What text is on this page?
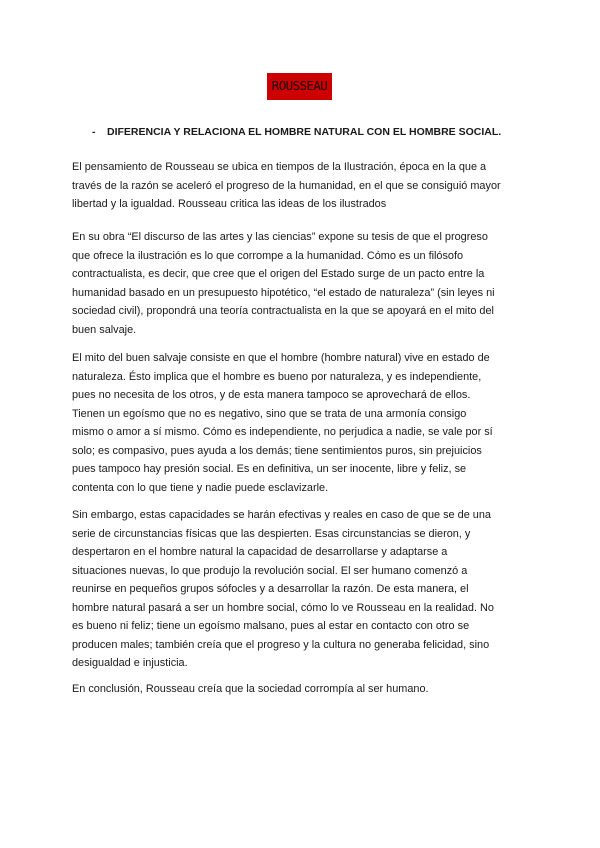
ROUSSEAU
- DIFERENCIA Y RELACIONA EL HOMBRE NATURAL CON EL HOMBRE SOCIAL.
El pensamiento de Rousseau se ubica en tiempos de la Ilustración, época en la que a
través de la razón se aceleró el progreso de la humanidad, en el que se consiguió mayor
libertad y la igualdad. Rousseau critica las ideas de los ilustrados
En su obra “El discurso de las artes y las ciencias” expone su tesis de que el progreso
que ofrece la ilustración es lo que corrompe a la humanidad. Cómo es un filósofo
contractualista, es decir, que cree que el origen del Estado surge de un pacto entre la
humanidad basado en un presupuesto hipotético, “el estado de naturaleza” (sin leyes ni
sociedad civil), propondrá una teoría contractualista en la que se apoyará en el mito del
buen salvaje.
El mito del buen salvaje consiste en que el hombre (hombre natural) vive en estado de
naturaleza. Ésto implica que el hombre es bueno por naturaleza, y es independiente,
pues no necesita de los otros, y de esta manera tampoco se aprovechará de ellos.
Tienen un egoísmo que no es negativo, sino que se trata de una armonía consigo
mismo o amor a sí mismo. Cómo es independiente, no perjudica a nadie, se vale por sí
solo; es compasivo, pues ayuda a los demás; tiene sentimientos puros, sin prejuicios
pues tampoco hay presión social. Es en definitiva, un ser inocente, libre y feliz, se
contenta con lo que tiene y nadie puede esclavizarle.
Sin embargo, estas capacidades se harán efectivas y reales en caso de que se de una
serie de circunstancias físicas que las despierten. Esas circunstancias se dieron, y
despertaron en el hombre natural la capacidad de desarrollarse y adaptarse a
situaciones nuevas, lo que produjo la revolución social. El ser humano comenzó a
reunirse en pequeños grupos sófocles y a desarrollar la razón. De esta manera, el
hombre natural pasará a ser un hombre social, cómo lo ve Rousseau en la realidad. No
es bueno ni feliz; tiene un egoísmo malsano, pues al estar en contacto con otro se
producen males; también creía que el progreso y la cultura no generaba felicidad, sino
desigualdad e injusticia.
En conclusión, Rousseau creía que la sociedad corrompía al ser humano.
